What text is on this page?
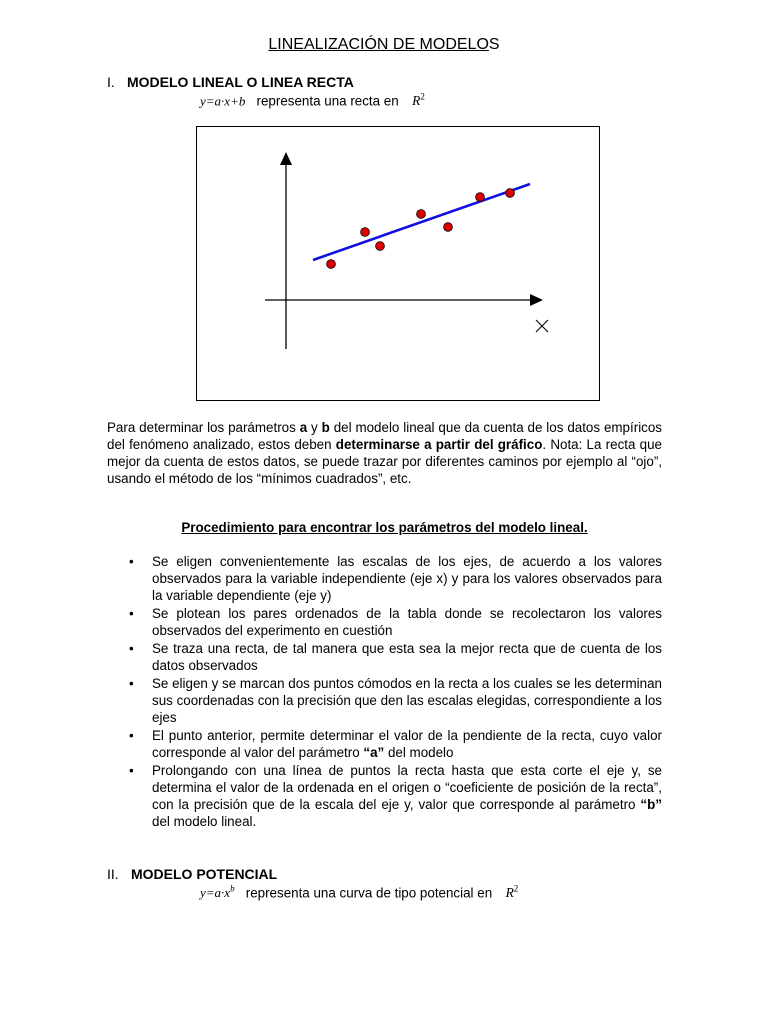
LINEALIZACIÓN DE MODELOS
I. MODELO LINEAL O LINEA RECTA
y=a·x+b representa una recta en $R^2$
X
Para determinar los parámetros a y b del modelo lineal que da cuenta de los datos empíricos del fenómeno analizado, estos deben determinarse a partir del gráfico. Nota: La recta que mejor da cuenta de estos datos, se puede trazar por diferentes caminos por ejemplo al “ojo”, usando el método de los “mínimos cuadrados”, etc.
Procedimiento para encontrar los parámetros del modelo lineal.
• Se eligen convenientemente las escalas de los ejes, de acuerdo a los valores observados para la variable independiente (eje x) y para los valores observados para la variable dependiente (eje y)
• Se plotean los pares ordenados de la tabla donde se recolectaron los valores observados del experimento en cuestión
• Se traza una recta, de tal manera que esta sea la mejor recta que de cuenta de los datos observados
• Se eligen y se marcan dos puntos cómodos en la recta a los cuales se les determinan sus coordenadas con la precisión que den las escalas elegidas, correspondiente a los ejes
• El punto anterior, permite determinar el valor de la pendiente de la recta, cuyo valor corresponde al valor del parámetro “a” del modelo
• Prolongando con una línea de puntos la recta hasta que esta corte el eje y, se determina el valor de la ordenada en el origen o “coeficiente de posición de la recta”, con la precisión que de la escala del eje y, valor que corresponde al parámetro “b” del modelo lineal.
II. MODELO POTENCIAL
$y=a\cdot x^b$ representa una curva de tipo potencial en $R^2$
